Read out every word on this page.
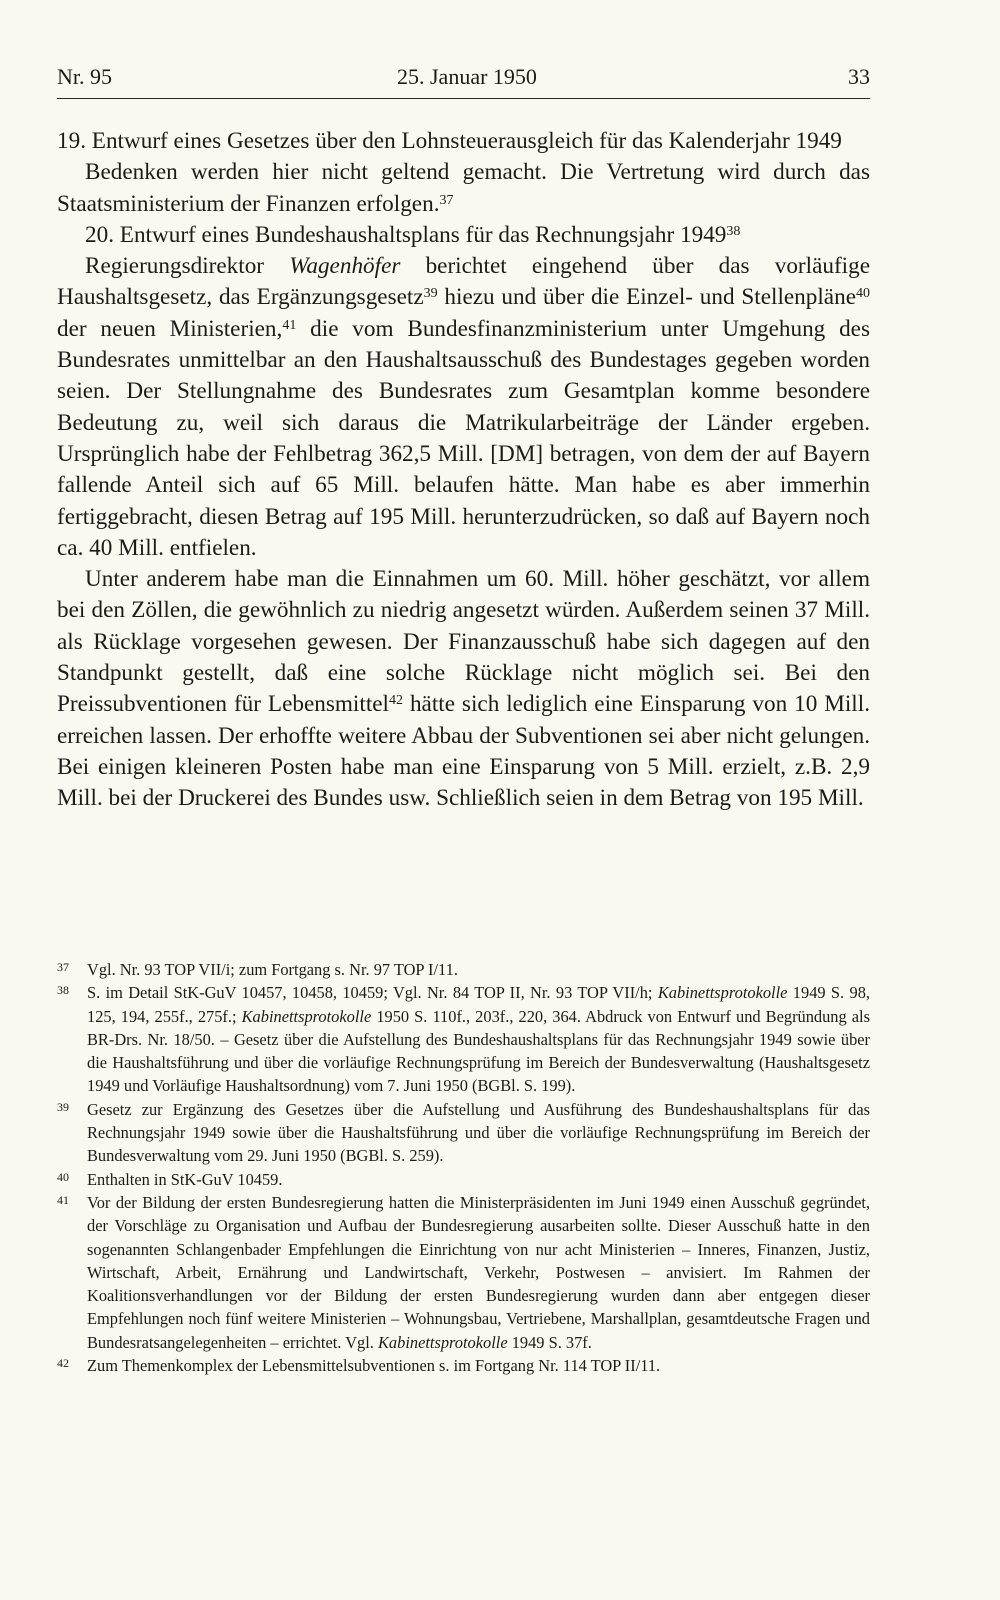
Nr. 95	25. Januar 1950	33

19. Entwurf eines Gesetzes über den Lohnsteuerausgleich für das Kalenderjahr 1949

Bedenken werden hier nicht geltend gemacht. Die Vertretung wird durch das Staatsministerium der Finanzen erfolgen.$^{37}$

20. Entwurf eines Bundeshaushaltsplans für das Rechnungsjahr 1949$^{38}$

Regierungsdirektor Wagenhöfer berichtet eingehend über das vorläufige Haushaltsgesetz, das Ergänzungsgesetz$^{39}$ hiezu und über die Einzel- und Stellenpläne$^{40}$ der neuen Ministerien,$^{41}$ die vom Bundesfinanzministerium unter Umgehung des Bundesrates unmittelbar an den Haushaltsausschuß des Bundestages gegeben worden seien. Der Stellungnahme des Bundesrates zum Gesamtplan komme besondere Bedeutung zu, weil sich daraus die Matrikularbeiträge der Länder ergeben. Ursprünglich habe der Fehlbetrag 362,5 Mill. [DM] betragen, von dem der auf Bayern fallende Anteil sich auf 65 Mill. belaufen hätte. Man habe es aber immerhin fertiggebracht, diesen Betrag auf 195 Mill. herunterzudrücken, so daß auf Bayern noch ca. 40 Mill. entfielen.

Unter anderem habe man die Einnahmen um 60. Mill. höher geschätzt, vor allem bei den Zöllen, die gewöhnlich zu niedrig angesetzt würden. Außerdem seinen 37 Mill. als Rücklage vorgesehen gewesen. Der Finanzausschuß habe sich dagegen auf den Standpunkt gestellt, daß eine solche Rücklage nicht möglich sei. Bei den Preissubventionen für Lebensmittel$^{42}$ hätte sich lediglich eine Einsparung von 10 Mill. erreichen lassen. Der erhoffte weitere Abbau der Subventionen sei aber nicht gelungen. Bei einigen kleineren Posten habe man eine Einsparung von 5 Mill. erzielt, z.B. 2,9 Mill. bei der Druckerei des Bundes usw. Schließlich seien in dem Betrag von 195 Mill.

37 Vgl. Nr. 93 TOP VII/i; zum Fortgang s. Nr. 97 TOP I/11.

38 S. im Detail StK-GuV 10457, 10458, 10459; Vgl. Nr. 84 TOP II, Nr. 93 TOP VII/h; Kabinettsprotokolle 1949 S. 98, 125, 194, 255f., 275f.; Kabinettsprotokolle 1950 S. 110f., 203f., 220, 364. Abdruck von Entwurf und Begründung als BR-Drs. Nr. 18/50. – Gesetz über die Aufstellung des Bundeshaushaltsplans für das Rechnungsjahr 1949 sowie über die Haushaltsführung und über die vorläufige Rechnungsprüfung im Bereich der Bundesverwaltung (Haushaltsgesetz 1949 und Vorläufige Haushaltsordnung) vom 7. Juni 1950 (BGBl. S. 199).

39 Gesetz zur Ergänzung des Gesetzes über die Aufstellung und Ausführung des Bundeshaushaltsplans für das Rechnungsjahr 1949 sowie über die Haushaltsführung und über die vorläufige Rechnungsprüfung im Bereich der Bundesverwaltung vom 29. Juni 1950 (BGBl. S. 259).

40 Enthalten in StK-GuV 10459.

41 Vor der Bildung der ersten Bundesregierung hatten die Ministerpräsidenten im Juni 1949 einen Ausschuß gegründet, der Vorschläge zu Organisation und Aufbau der Bundesregierung ausarbeiten sollte. Dieser Ausschuß hatte in den sogenannten Schlangenbader Empfehlungen die Einrichtung von nur acht Ministerien – Inneres, Finanzen, Justiz, Wirtschaft, Arbeit, Ernährung und Landwirtschaft, Verkehr, Postwesen – anvisiert. Im Rahmen der Koalitionsverhandlungen vor der Bildung der ersten Bundesregierung wurden dann aber entgegen dieser Empfehlungen noch fünf weitere Ministerien – Wohnungsbau, Vertriebene, Marshallplan, gesamtdeutsche Fragen und Bundesratsangelegenheiten – errichtet. Vgl. Kabinettsprotokolle 1949 S. 37f.

42 Zum Themenkomplex der Lebensmittelsubventionen s. im Fortgang Nr. 114 TOP II/11.
